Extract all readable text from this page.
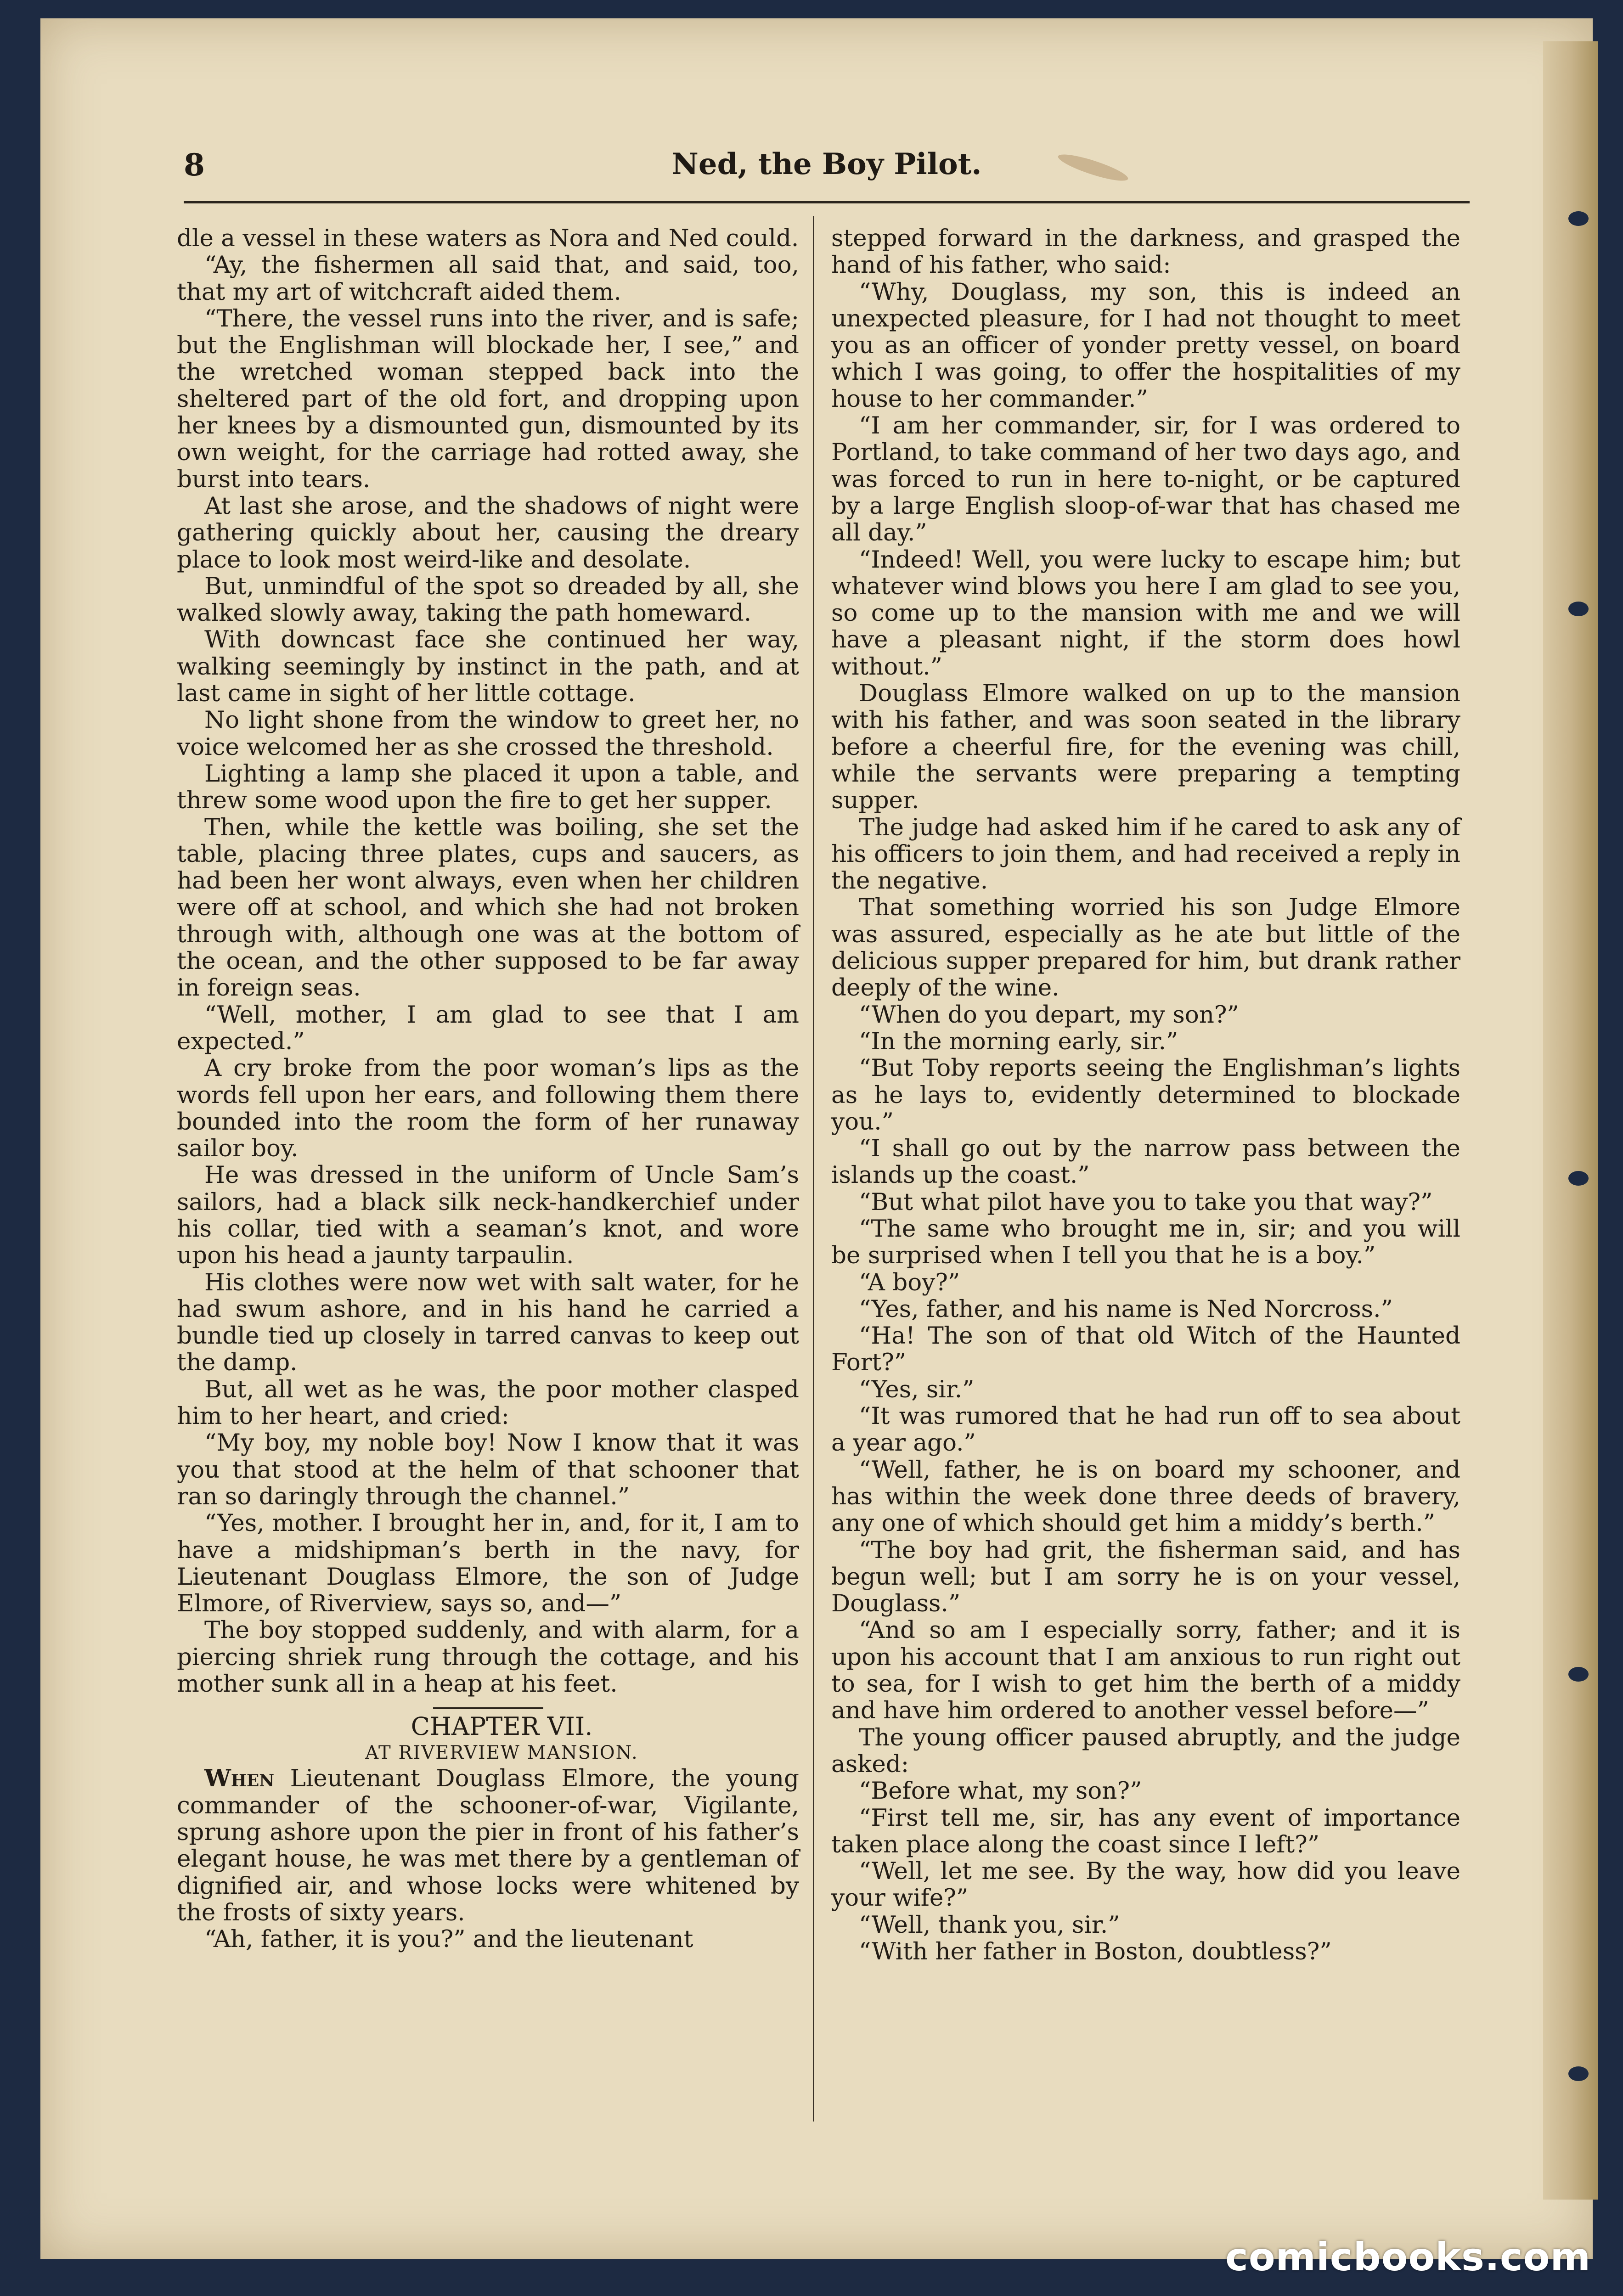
8	Ned, the Boy Pilot.

dle a vessel in these waters as Nora and Ned could.

“Ay, the fishermen all said that, and said, too, that my art of witchcraft aided them.

“There, the vessel runs into the river, and is safe; but the Englishman will blockade her, I see,” and the wretched woman stepped back into the sheltered part of the old fort, and dropping upon her knees by a dismounted gun, dismounted by its own weight, for the carriage had rotted away, she burst into tears.

At last she arose, and the shadows of night were gathering quickly about her, causing the dreary place to look most weird-like and desolate.

But, unmindful of the spot so dreaded by all, she walked slowly away, taking the path homeward.

With downcast face she continued her way, walking seemingly by instinct in the path, and at last came in sight of her little cottage.

No light shone from the window to greet her, no voice welcomed her as she crossed the threshold.

Lighting a lamp she placed it upon a table, and threw some wood upon the fire to get her supper.

Then, while the kettle was boiling, she set the table, placing three plates, cups and saucers, as had been her wont always, even when her children were off at school, and which she had not broken through with, although one was at the bottom of the ocean, and the other supposed to be far away in foreign seas.

“Well, mother, I am glad to see that I am expected.”

A cry broke from the poor woman’s lips as the words fell upon her ears, and following them there bounded into the room the form of her runaway sailor boy.

He was dressed in the uniform of Uncle Sam’s sailors, had a black silk neck-handkerchief under his collar, tied with a seaman’s knot, and wore upon his head a jaunty tarpaulin.

His clothes were now wet with salt water, for he had swum ashore, and in his hand he carried a bundle tied up closely in tarred canvas to keep out the damp.

But, all wet as he was, the poor mother clasped him to her heart, and cried:

“My boy, my noble boy! Now I know that it was you that stood at the helm of that schooner that ran so daringly through the channel.”

“Yes, mother. I brought her in, and, for it, I am to have a midshipman’s berth in the navy, for Lieutenant Douglass Elmore, the son of Judge Elmore, of Riverview, says so, and—”

The boy stopped suddenly, and with alarm, for a piercing shriek rung through the cottage, and his mother sunk all in a heap at his feet.

CHAPTER VII.

AT RIVERVIEW MANSION.

When Lieutenant Douglass Elmore, the young commander of the schooner-of-war, Vigilante, sprung ashore upon the pier in front of his father’s elegant house, he was met there by a gentleman of dignified air, and whose locks were whitened by the frosts of sixty years.

“Ah, father, it is you?” and the lieutenant

stepped forward in the darkness, and grasped the hand of his father, who said:

“Why, Douglass, my son, this is indeed an unexpected pleasure, for I had not thought to meet you as an officer of yonder pretty vessel, on board which I was going, to offer the hospitalities of my house to her commander.”

“I am her commander, sir, for I was ordered to Portland, to take command of her two days ago, and was forced to run in here to-night, or be captured by a large English sloop-of-war that has chased me all day.”

“Indeed! Well, you were lucky to escape him; but whatever wind blows you here I am glad to see you, so come up to the mansion with me and we will have a pleasant night, if the storm does howl without.”

Douglass Elmore walked on up to the mansion with his father, and was soon seated in the library before a cheerful fire, for the evening was chill, while the servants were preparing a tempting supper.

The judge had asked him if he cared to ask any of his officers to join them, and had received a reply in the negative.

That something worried his son Judge Elmore was assured, especially as he ate but little of the delicious supper prepared for him, but drank rather deeply of the wine.

“When do you depart, my son?”

“In the morning early, sir.”

“But Toby reports seeing the Englishman’s lights as he lays to, evidently determined to blockade you.”

“I shall go out by the narrow pass between the islands up the coast.”

“But what pilot have you to take you that way?”

“The same who brought me in, sir; and you will be surprised when I tell you that he is a boy.”

“A boy?”

“Yes, father, and his name is Ned Norcross.”

“Ha! The son of that old Witch of the Haunted Fort?”

“Yes, sir.”

“It was rumored that he had run off to sea about a year ago.”

“Well, father, he is on board my schooner, and has within the week done three deeds of bravery, any one of which should get him a middy’s berth.”

“The boy had grit, the fisherman said, and has begun well; but I am sorry he is on your vessel, Douglass.”

“And so am I especially sorry, father; and it is upon his account that I am anxious to run right out to sea, for I wish to get him the berth of a middy and have him ordered to another vessel before—”

The young officer paused abruptly, and the judge asked:

“Before what, my son?”

“First tell me, sir, has any event of importance taken place along the coast since I left?”

“Well, let me see. By the way, how did you leave your wife?”

“Well, thank you, sir.”

“With her father in Boston, doubtless?”

comicbooks.com
